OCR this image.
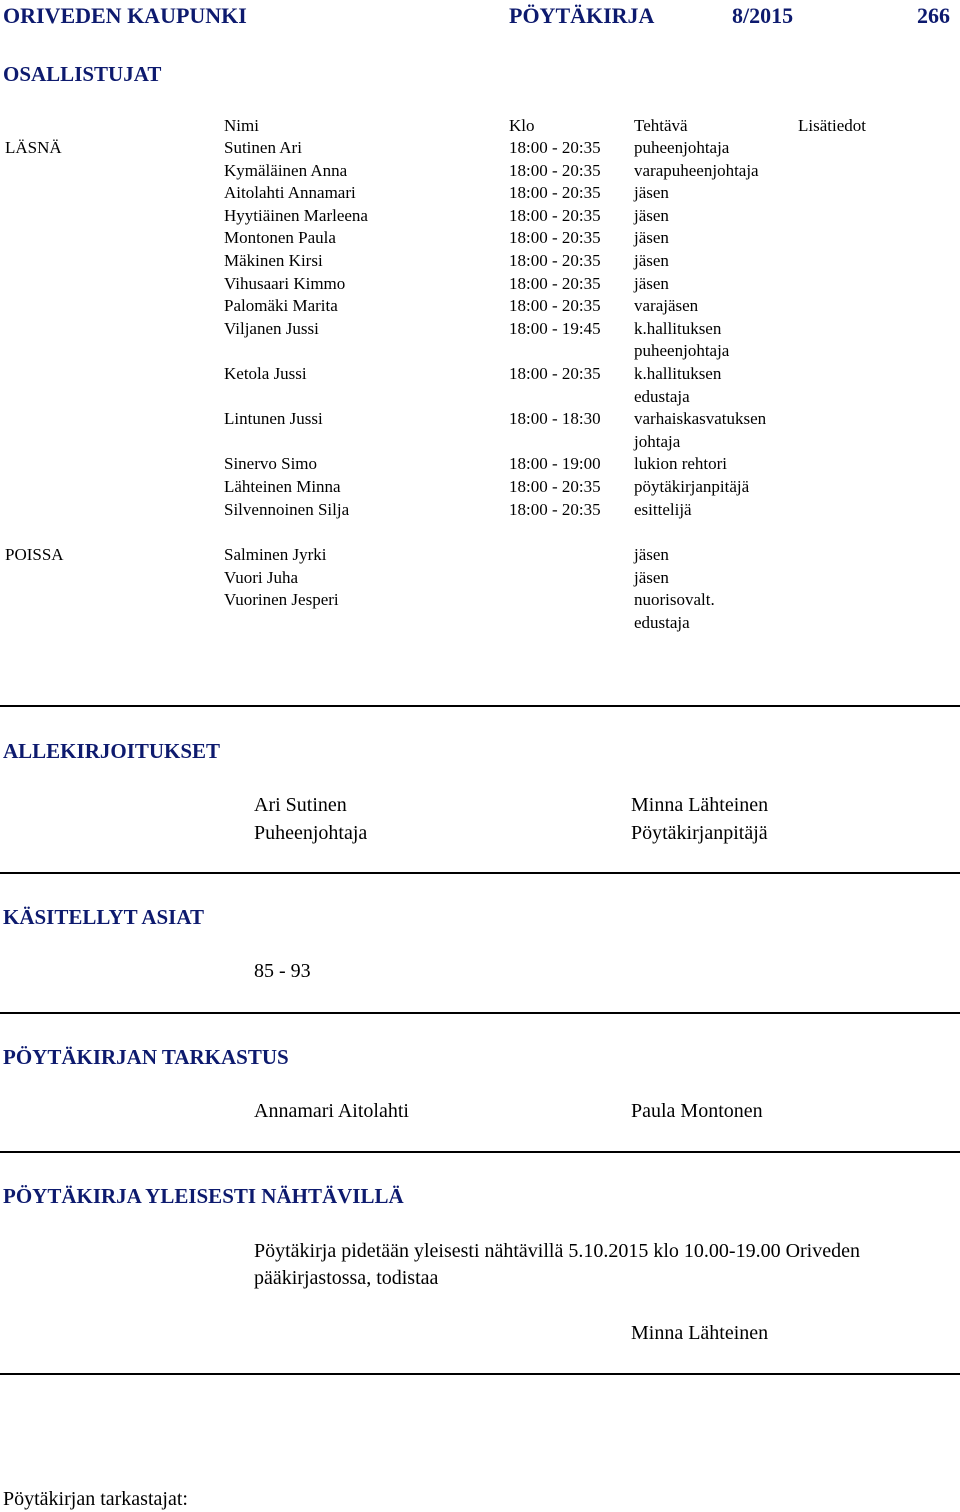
ORIVEDEN KAUPUNKI	PÖYTÄKIRJA	8/2015	266
OSALLISTUJAT
Nimi	Klo	Tehtävä	Lisätiedot
LÄSNÄ	Sutinen Ari	18:00 - 20:35 puheenjohtaja
Kymäläinen Anna	18:00 - 20:35 varapuheenjohtaja
Aitolahti Annamari	18:00 - 20:35 jäsen
Hyytiäinen Marleena	18:00 - 20:35 jäsen
Montonen Paula	18:00 - 20:35 jäsen
Mäkinen Kirsi	18:00 - 20:35 jäsen
Vihusaari Kimmo	18:00 - 20:35 jäsen
Palomäki Marita	18:00 - 20:35 varajäsen
Viljanen Jussi	18:00 - 19:45 k.hallituksen
puheenjohtaja
Ketola Jussi	18:00 - 20:35 k.hallituksen
edustaja
Lintunen Jussi	18:00 - 18:30 varhaiskasvatuksen
johtaja
Sinervo Simo	18:00 - 19:00 lukion rehtori
Lähteinen Minna	18:00 - 20:35 pöytäkirjanpitäjä
Silvennoinen Silja	18:00 - 20:35 esittelijä
POISSA	Salminen Jyrki	jäsen
Vuori Juha	jäsen
Vuorinen Jesperi	nuorisovalt.
edustaja
ALLEKIRJOITUKSET
Ari Sutinen
Puheenjohtaja
Minna Lähteinen
Pöytäkirjanpitäjä
KÄSITELLYT ASIAT
85 - 93
PÖYTÄKIRJAN TARKASTUS
Annamari Aitolahti	Paula Montonen
PÖYTÄKIRJA YLEISESTI NÄHTÄVILLÄ
Pöytäkirja pidetään yleisesti nähtävillä 5.10.2015 klo 10.00-19.00 Oriveden
pääkirjastossa, todistaa
Minna Lähteinen
Pöytäkirjan tarkastajat:
